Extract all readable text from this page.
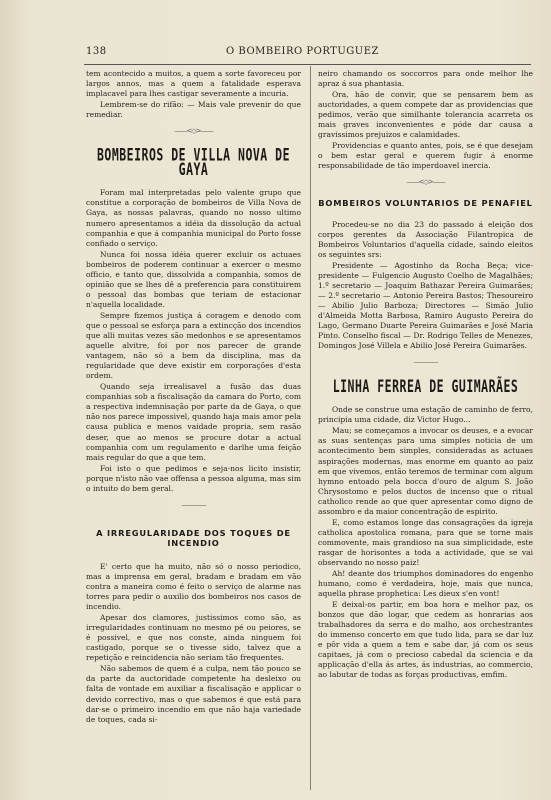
138	O BOMBEIRO PORTUGUEZ

tem acontecido a muitos, a quem a sorte favoreceu por largos annos, mas a quem a fatalidade esperava implacavel para lhes castigar severamente a incuria.

Lembrem-se do rifão: — Mais vale prevenir do que remediar.

——<◇>——
BOMBEIROS DE VILLA NOVA DE GAYA

Foram mal interpretadas pelo valente grupo que constitue a corporação de bombeiros de Villa Nova de Gaya, as nossas palavras, quando no nosso ultimo numero apresentamos a idéia da dissolução da actual companhia e que á companhia municipal do Porto fosse confiado o serviço.

Nunca foi nossa idéia querer excluir os actuaes bombeiros de poderem continuar a exercer o mesmo officio, e tanto que, dissolvida a companhia, somos de opinião que se lhes dê a preferencia para constituirem o pessoal das bombas que teriam de estacionar n'aquella localidade.

Sempre fizemos justiça á coragem e denodo com que o pessoal se esforça para a extincção dos incendios que alli muitas vezes são medonhos e se apresentamos aquelle alvitre, foi por nos parecer de grande vantagem, não só a bem da disciplina, mas da regularidade que deve existir em corporações d'esta ordem.

Quando seja irrealisavel a fusão das duas companhias sob a fiscalisação da camara do Porto, com a respectiva indemnisação por parte da de Gaya, o que não nos parece impossivel, quando haja mais amor pela causa publica e menos vaidade propria, sem rasão deser, que ao menos se procure dotar a actual companhia com um regulamento e darlhe uma feição mais regular do que a que tem.

Foi isto o que pedimos e seja-nos licito insistir, porque n'isto não vae offensa a pessoa alguma, mas sim o intuito do bem geral.

————
A IRREGULARIDADE DOS TOQUES DE INCENDIO

E' certo que ha muito, não só o nosso periodico, mas a imprensa em geral, bradam e bradam em vão contra a maneira como é feito o serviço de alarme nas torres para pedir o auxilio dos bombeiros nos casos de incendio.

Apesar dos clamores, justissimos como são, as irregularidades continuam no mesmo pé ou peiores, se é possivel, e que nos conste, ainda ninguem foi castigado, porque se o tivesse sido, talvez que a repetição e reincidencia não seriam tão frequentes.

Não sabemos de quem é a culpa, nem tão pouco se da parte da auctoridade competente ha desleixo ou falta de vontade em auxiliar a fiscalisação e applicar o devido correctivo, mas o que sabemos é que está para dar-se o primeiro incendio em que não haja variedade de toques, cada si-

neiro chamando os soccorros para onde melhor lhe apraz á sua phantasia.

Ora, hão de convir, que se pensarem bem as auctoridades, a quem compete dar as providencias que pedimos, verão que similhante tolerancia acarreta os mais graves inconvenientes e póde dar causa a gravissimos prejuizos e calamidades.

Providencias e quanto antes, pois, se é que desejam o bem estar geral e querem fugir á enorme responsabilidade de tão imperdoavel inercia.

——<◇>——
BOMBEIROS VOLUNTARIOS DE PENAFIEL

Procedeu-se no dia 23 do passado á eleição dos corpos gerentes da Associação Filantropica de Bombeiros Voluntarios d'aquella cidade, saindo eleitos os seguintes srs:

Presidente — Agostinho da Rocha Beça; vice-presidente — Fulgencio Augusto Coelho de Magalhães; 1.º secretario — Joaquim Bathazar Pereira Guimarães; — 2.º secretario — Antonio Pereira Bastos; Thesoureiro — Abilio Julio Barboza; Directores — Simão Julio d'Almeida Motta Barbosa, Ramiro Augusto Pereira do Lago, Germano Duarte Pereira Guimarães e José Maria Pinto. Conselho fiscal — Dr. Rodrigo Telles de Menezes, Domingos José Villela e Abilio José Pereira Guimarães.

————
LINHA FERREA DE GUIMARÃES

Onde se construe uma estação de caminho de ferro, principia uma cidade, diz Victor Hugo...

Mau; se começamos a invocar os deuses, e a evocar as suas sentenças para uma simples noticia de um acontecimento bem simples, consideradas as actuaes aspirações modernas, mas enorme em quanto ao paiz em que vivemos, então teremos de terminar com algum hymno entoado pela bocca d'ouro de algum S. João Chrysostomo e pelos ductos de incenso que o ritual catholico rende ao que quer apresentar como digno de assombro e da maior concentração de espirito.

E, como estamos longe das consagrações da igreja catholica apostolica romana, para que se torne mais commovente, mais grandioso na sua simplicidade, este rasgar de horisontes a toda a actividade, que se vai observando no nosso paiz!

Ah! deante dos triumphos dominadores do engenho humano, como é verdadeira, hoje, mais que nunca, aquella phrase prophetica: Les dieux s'en vont!

E deixal-os partir, em boa hora e melhor paz, os bonzos que dão logar, que cedem as honrarias aos trabalhadores da serra e do malho, aos orchestrantes do immenso concerto em que tudo lida, para se dar luz e pôr vida a quem a tem e sabe dar, já com os seus capitaes, já com o precioso cabedal da sciencia e da applicação d'ella ás artes, ás industrias, ao commercio, ao labutar de todas as forças productivas, emfim.
